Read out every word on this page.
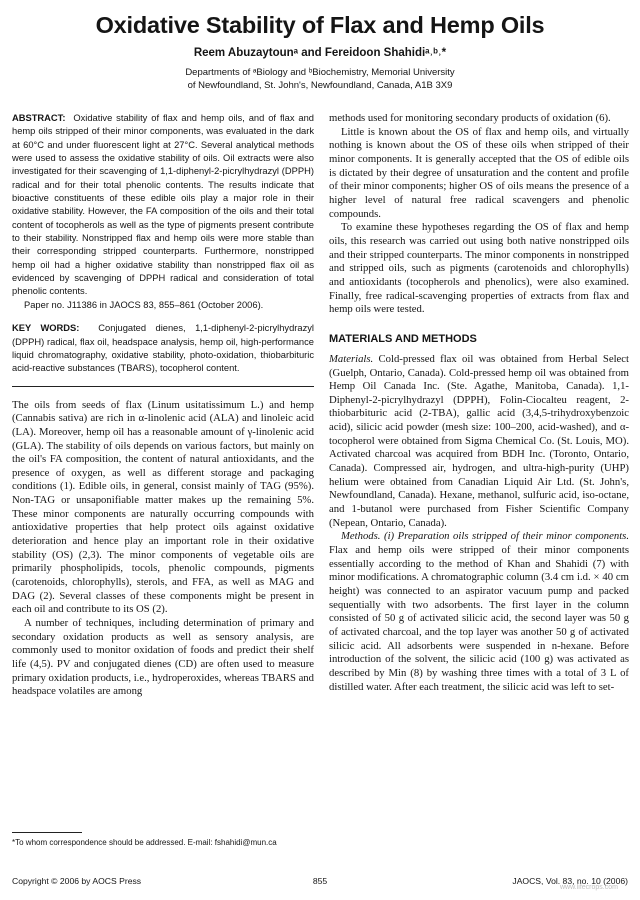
Oxidative Stability of Flax and Hemp Oils
Reem Abuzaytounᵃ and Fereidoon Shahidiᵃ˒ᵇ˒*
Departments of ᵃBiology and ᵇBiochemistry, Memorial University
of Newfoundland, St. John's, Newfoundland, Canada, A1B 3X9

ABSTRACT: Oxidative stability of flax and hemp oils, and of flax and hemp oils stripped of their minor components, was evaluated in the dark at 60°C and under fluorescent light at 27°C. Several analytical methods were used to assess the oxidative stability of oils. Oil extracts were also investigated for their scavenging of 1,1-diphenyl-2-picrylhydrazyl (DPPH) radical and for their total phenolic contents. The results indicate that bioactive constituents of these edible oils play a major role in their oxidative stability. However, the FA composition of the oils and their total content of tocopherols as well as the type of pigments present contribute to their stability. Nonstripped flax and hemp oils were more stable than their corresponding stripped counterparts. Furthermore, nonstripped hemp oil had a higher oxidative stability than nonstripped flax oil as evidenced by scavenging of DPPH radical and consideration of total phenolic contents.

Paper no. J11386 in JAOCS 83, 855–861 (October 2006).

KEY WORDS: Conjugated dienes, 1,1-diphenyl-2-picrylhydrazyl (DPPH) radical, flax oil, headspace analysis, hemp oil, high-performance liquid chromatography, oxidative stability, photo-oxidation, thiobarbituric acid-reactive substances (TBARS), tocopherol content.

The oils from seeds of flax (Linum usitatissimum L.) and hemp (Cannabis sativa) are rich in α-linolenic acid (ALA) and linoleic acid (LA). Moreover, hemp oil has a reasonable amount of γ-linolenic acid (GLA). The stability of oils depends on various factors, but mainly on the oil's FA composition, the content of natural antioxidants, and the presence of oxygen, as well as different storage and packaging conditions (1). Edible oils, in general, consist mainly of TAG (95%). Non-TAG or unsaponifiable matter makes up the remaining 5%. These minor components are naturally occurring compounds with antioxidative properties that help protect oils against oxidative deterioration and hence play an important role in their oxidative stability (OS) (2,3). The minor components of vegetable oils are primarily phospholipids, tocols, phenolic compounds, pigments (carotenoids, chlorophylls), sterols, and FFA, as well as MAG and DAG (2). Several classes of these components might be present in each oil and contribute to its OS (2).

A number of techniques, including determination of primary and secondary oxidation products as well as sensory analysis, are commonly used to monitor oxidation of foods and predict their shelf life (4,5). PV and conjugated dienes (CD) are often used to measure primary oxidation products, i.e., hydroperoxides, whereas TBARS and headspace volatiles are among

*To whom correspondence should be addressed. E-mail: fshahidi@mun.ca

methods used for monitoring secondary products of oxidation (6).

Little is known about the OS of flax and hemp oils, and virtually nothing is known about the OS of these oils when stripped of their minor components. It is generally accepted that the OS of edible oils is dictated by their degree of unsaturation and the content and profile of their minor components; higher OS of oils means the presence of a higher level of natural free radical scavengers and phenolic compounds.

To examine these hypotheses regarding the OS of flax and hemp oils, this research was carried out using both native nonstripped oils and their stripped counterparts. The minor components in nonstripped and stripped oils, such as pigments (carotenoids and chlorophylls) and antioxidants (tocopherols and phenolics), were also examined. Finally, free radical-scavenging properties of extracts from flax and hemp oils were tested.

MATERIALS AND METHODS

Materials. Cold-pressed flax oil was obtained from Herbal Select (Guelph, Ontario, Canada). Cold-pressed hemp oil was obtained from Hemp Oil Canada Inc. (Ste. Agathe, Manitoba, Canada). 1,1-Diphenyl-2-picrylhydrazyl (DPPH), Folin-Ciocalteu reagent, 2-thiobarbituric acid (2-TBA), gallic acid (3,4,5-trihydroxybenzoic acid), silicic acid powder (mesh size: 100–200, acid-washed), and α-tocopherol were obtained from Sigma Chemical Co. (St. Louis, MO). Activated charcoal was acquired from BDH Inc. (Toronto, Ontario, Canada). Compressed air, hydrogen, and ultra-high-purity (UHP) helium were obtained from Canadian Liquid Air Ltd. (St. John's, Newfoundland, Canada). Hexane, methanol, sulfuric acid, iso-octane, and 1-butanol were purchased from Fisher Scientific Company (Nepean, Ontario, Canada).

Methods. (i) Preparation oils stripped of their minor components. Flax and hemp oils were stripped of their minor components essentially according to the method of Khan and Shahidi (7) with minor modifications. A chromatographic column (3.4 cm i.d. × 40 cm height) was connected to an aspirator vacuum pump and packed sequentially with two adsorbents. The first layer in the column consisted of 50 g of activated silicic acid, the second layer was 50 g of activated charcoal, and the top layer was another 50 g of activated silicic acid. All adsorbents were suspended in n-hexane. Before introduction of the solvent, the silicic acid (100 g) was activated as described by Min (8) by washing three times with a total of 3 L of distilled water. After each treatment, the silicic acid was left to set-

Copyright © 2006 by AOCS Press	855	JAOCS, Vol. 83, no. 10 (2006)
www.lifecrops.com
